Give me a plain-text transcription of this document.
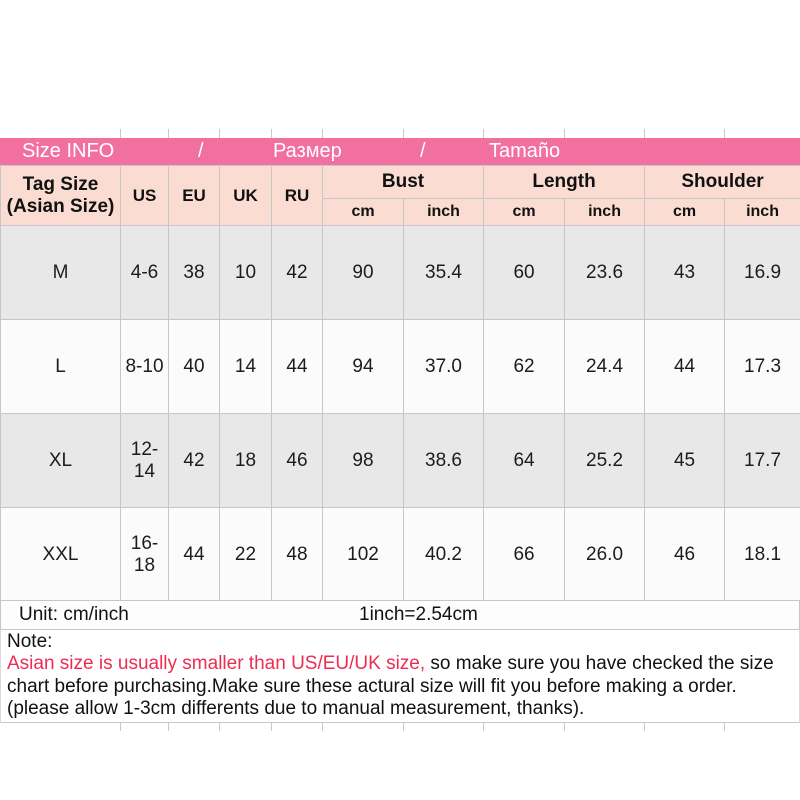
Size INFO	/	Размер	/	Tamaño
Tag Size
(Asian Size)	US	EU	UK	RU	Bust		Length		Shoulder	
					cm	inch	cm	inch	cm	inch
M	4-6	38	10	42	90	35.4	60	23.6	43	16.9
L	8-10	40	14	44	94	37.0	62	24.4	44	17.3
XL	12-14	42	18	46	98	38.6	64	25.2	45	17.7
XXL	16-18	44	22	48	102	40.2	66	26.0	46	18.1
Unit: cm/inch	1inch=2.54cm
Note:

Asian size is usually smaller than US/EU/UK size, so make sure you have checked the size chart before purchasing.Make sure these actural size will fit you before making a order.(please allow 1-3cm differents due to manual measurement, thanks).
